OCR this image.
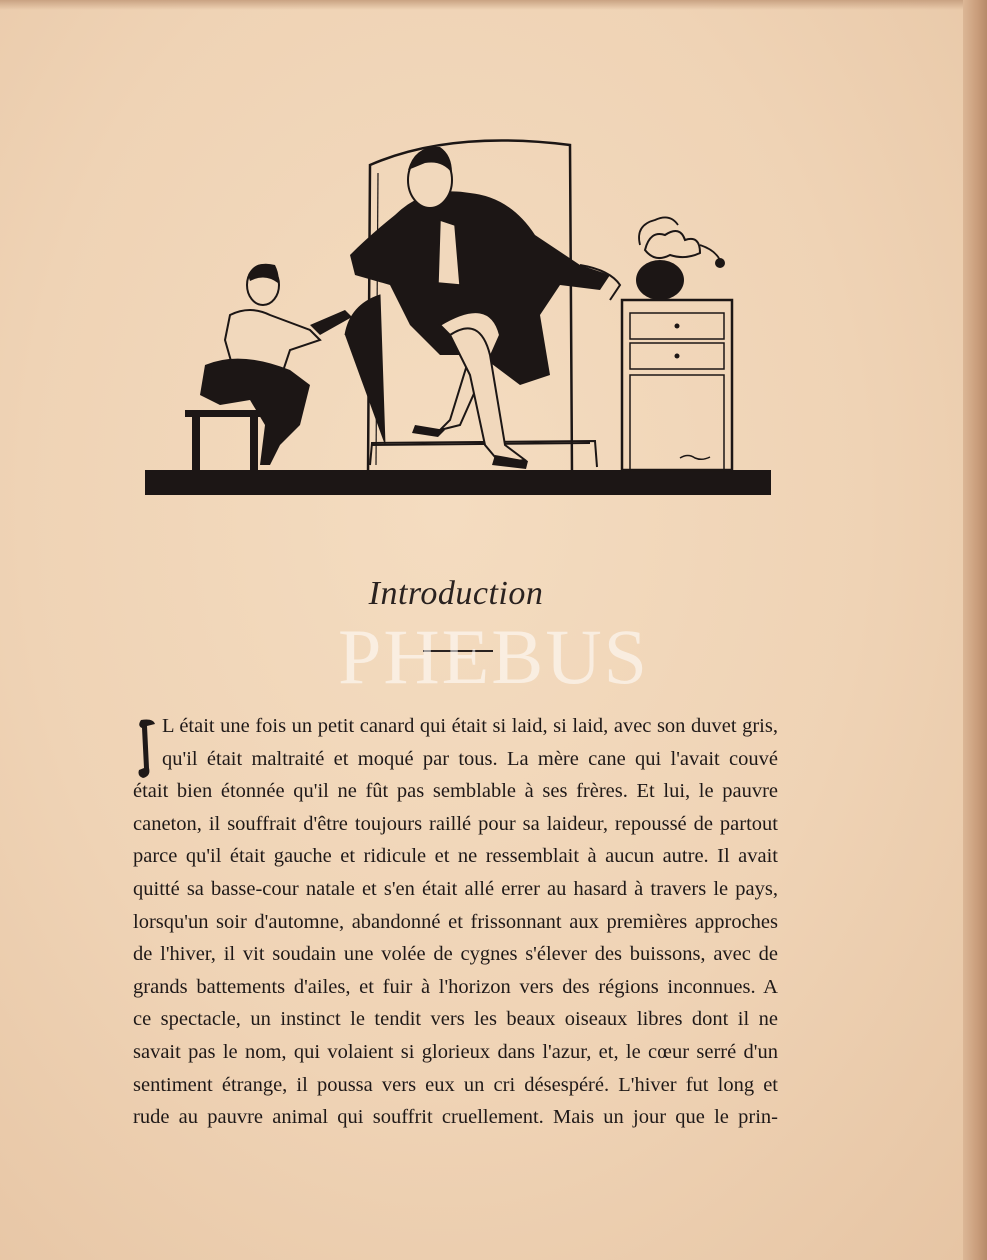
Introduction
PHEBUS
L était une fois un petit canard qui était si laid, si laid, avec son duvet gris,
qu'il était maltraité et moqué par tous. La mère cane qui l'avait couvé
était bien étonnée qu'il ne fût pas semblable à ses frères. Et lui, le pauvre
caneton, il souffrait d'être toujours raillé pour sa laideur, repoussé de partout
parce qu'il était gauche et ridicule et ne ressemblait à aucun autre. Il avait
quitté sa basse-cour natale et s'en était allé errer au hasard à travers le pays,
lorsqu'un soir d'automne, abandonné et frissonnant aux premières approches
de l'hiver, il vit soudain une volée de cygnes s'élever des buissons, avec de
grands battements d'ailes, et fuir à l'horizon vers des régions inconnues. A
ce spectacle, un instinct le tendit vers les beaux oiseaux libres dont il ne
savait pas le nom, qui volaient si glorieux dans l'azur, et, le cœur serré d'un
sentiment étrange, il poussa vers eux un cri désespéré. L'hiver fut long et
rude au pauvre animal qui souffrit cruellement. Mais un jour que le prin-
